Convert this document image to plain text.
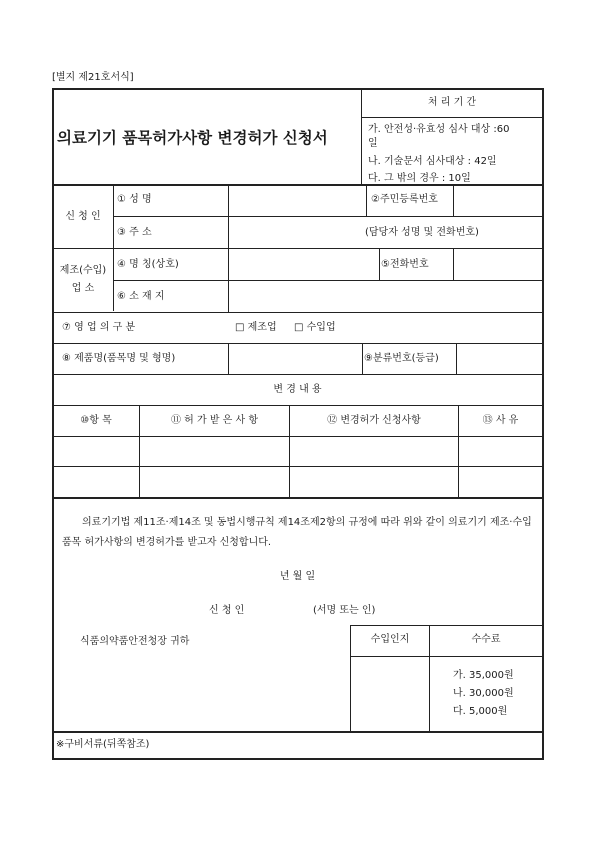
[별지 제21호서식]
의료기기 품목허가사항 변경허가 신청서
처 리 기 간
가. 안전성·유효성 심사 대상 :60
일
나. 기술문서 심사대상 : 42일
다. 그 밖의 경우 : 10일
신 청 인
① 성 명	②주민등록번호
③ 주 소	(담당자 성명 및 전화번호)
제조(수입)
업 소
④ 명 칭(상호)	⑤전화번호
⑥ 소 재 지
⑦ 영 업 의 구 분	□ 제조업 □ 수입업
⑧ 제품명(품목명 및 형명)	⑨분류번호(등급)
변 경 내 용
⑩항 목	⑪ 허 가 받 은 사 항	⑫ 변경허가 신청사항	⑬ 사 유
의료기기법 제11조·제14조 및 동법시행규칙 제14조제2항의 규정에 따라 위와 같이 의료기기 제조·수입품목 허가사항의 변경허가를 받고자 신청합니다.
년 월 일
신 청 인	(서명 또는 인)
식품의약품안전청장 귀하	수입인지	수수료
가. 35,000원
나. 30,000원
다. 5,000원
※구비서류(뒤쪽참조)
